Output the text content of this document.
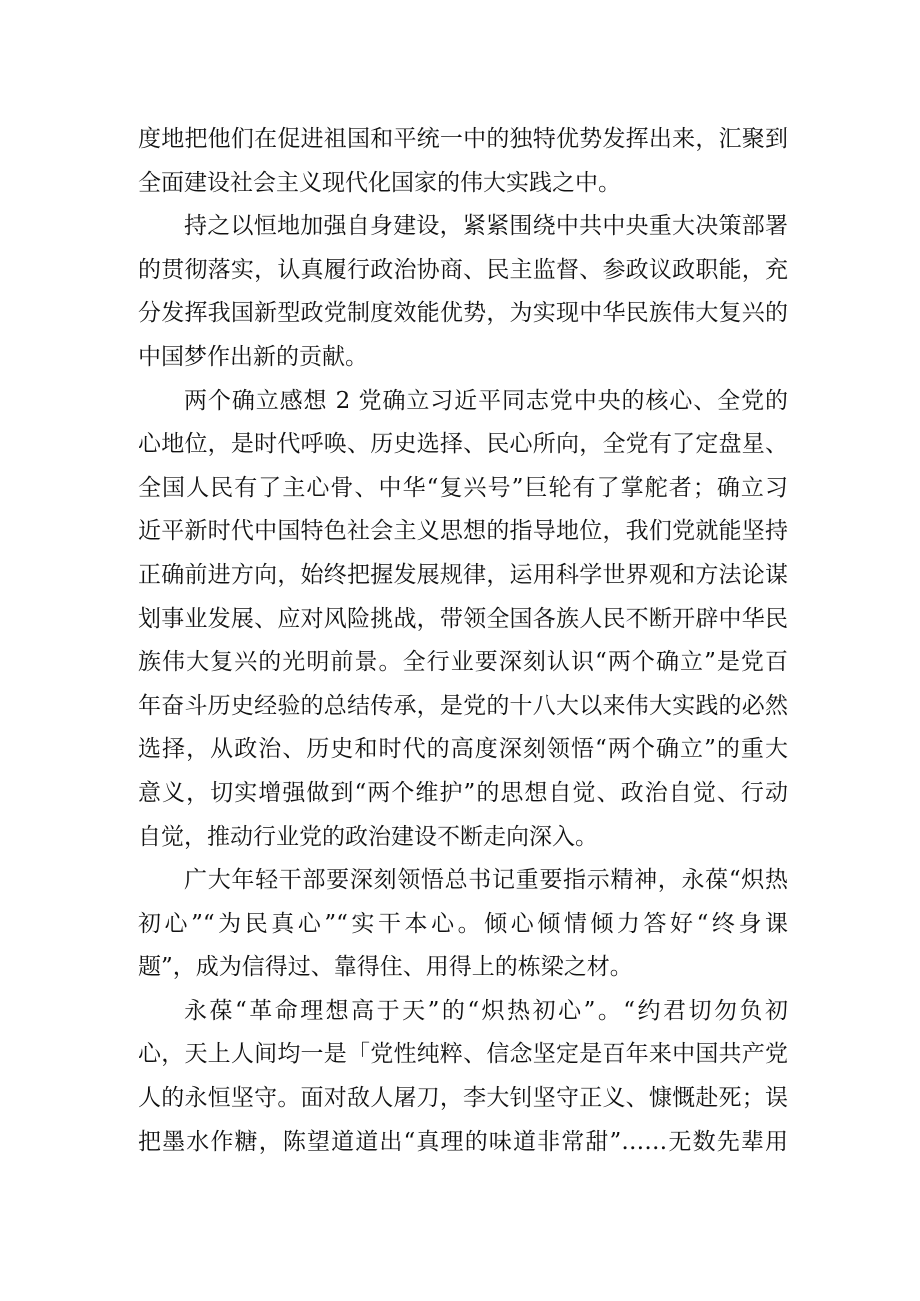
度地把他们在促进祖国和平统一中的独特优势发挥出来，汇聚到
全面建设社会主义现代化国家的伟大实践之中。
持之以恒地加强自身建设，紧紧围绕中共中央重大决策部署
的贯彻落实，认真履行政治协商、民主监督、参政议政职能，充
分发挥我国新型政党制度效能优势，为实现中华民族伟大复兴的
中国梦作出新的贡献。
两个确立感想 2 党确立习近平同志党中央的核心、全党的
心地位，是时代呼唤、历史选择、民心所向，全党有了定盘星、
全国人民有了主心骨、中华“复兴号”巨轮有了掌舵者；确立习
近平新时代中国特色社会主义思想的指导地位，我们党就能坚持
正确前进方向，始终把握发展规律，运用科学世界观和方法论谋
划事业发展、应对风险挑战，带领全国各族人民不断开辟中华民
族伟大复兴的光明前景。全行业要深刻认识“两个确立”是党百
年奋斗历史经验的总结传承，是党的十八大以来伟大实践的必然
选择，从政治、历史和时代的高度深刻领悟“两个确立”的重大
意义，切实增强做到“两个维护”的思想自觉、政治自觉、行动
自觉，推动行业党的政治建设不断走向深入。
广大年轻干部要深刻领悟总书记重要指示精神，永葆“炽热
初心”“为民真心”“实干本心。倾心倾情倾力答好“终身课
题”，成为信得过、靠得住、用得上的栋梁之材。
永葆“革命理想高于天”的“炽热初心”。“约君切勿负初
心，天上人间均一是「党性纯粹、信念坚定是百年来中国共产党
人的永恒坚守。面对敌人屠刀，李大钊坚守正义、慷慨赴死；误
把墨水作糖，陈望道道出“真理的味道非常甜”……无数先辈用
